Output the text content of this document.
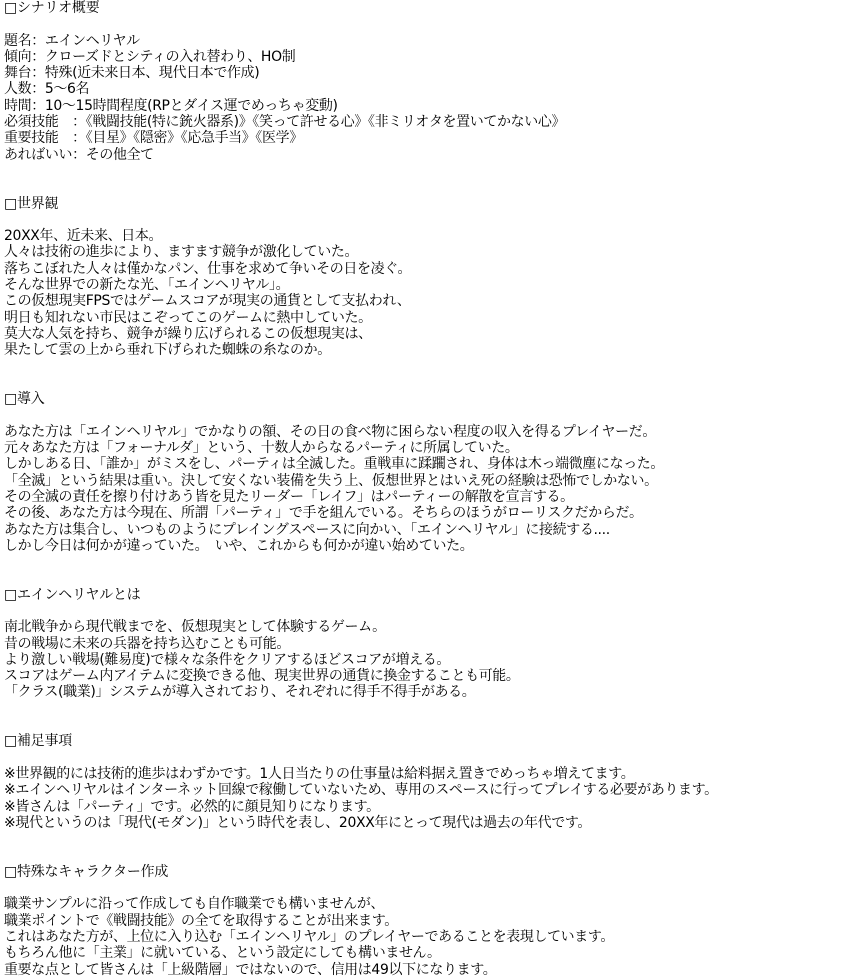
□シナリオ概要
題名：エインヘリヤル
傾向：クローズドとシティの入れ替わり、HO制
舞台：特殊(近未来日本、現代日本で作成)
人数：5～6名
時間：10～15時間程度(RPとダイス運でめっちゃ変動)
必須技能　：《戦闘技能(特に銃火器系)》《笑って許せる心》《非ミリオタを置いてかない心》
重要技能　：《目星》《隠密》《応急手当》《医学》
あればいい：その他全て
□世界観
20XX年、近未来、日本。
人々は技術の進歩により、ますます競争が激化していた。
落ちこぼれた人々は僅かなパン、仕事を求めて争いその日を凌ぐ。
そんな世界での新たな光、「エインヘリヤル」。
この仮想現実FPSではゲームスコアが現実の通貨として支払われ、
明日も知れない市民はこぞってこのゲームに熱中していた。
莫大な人気を持ち、競争が繰り広げられるこの仮想現実は、
果たして雲の上から垂れ下げられた蜘蛛の糸なのか。
□導入
あなた方は「エインヘリヤル」でかなりの額、その日の食べ物に困らない程度の収入を得るプレイヤーだ。
元々あなた方は「フォーナルダ」という、十数人からなるパーティに所属していた。
しかしある日、「誰か」がミスをし、パーティは全滅した。重戦車に蹂躙され、身体は木っ端微塵になった。
「全滅」という結果は重い。決して安くない装備を失う上、仮想世界とはいえ死の経験は恐怖でしかない。
その全滅の責任を擦り付けあう皆を見たリーダー「レイフ」はパーティーの解散を宣言する。
その後、あなた方は今現在、所謂「パーティ」で手を組んでいる。そちらのほうがローリスクだからだ。
あなた方は集合し、いつものようにプレイングスペースに向かい、「エインヘリヤル」に接続する....
しかし今日は何かが違っていた。　いや、これからも何かが違い始めていた。
□エインヘリヤルとは
南北戦争から現代戦までを、仮想現実として体験するゲーム。
昔の戦場に未来の兵器を持ち込むことも可能。
より激しい戦場(難易度)で様々な条件をクリアするほどスコアが増える。
スコアはゲーム内アイテムに変換できる他、現実世界の通貨に換金することも可能。
「クラス(職業)」システムが導入されており、それぞれに得手不得手がある。
□補足事項
※世界観的には技術的進歩はわずかです。1人日当たりの仕事量は給料据え置きでめっちゃ増えてます。
※エインヘリヤルはインターネット回線で稼働していないため、専用のスペースに行ってプレイする必要があります。
※皆さんは「パーティ」です。必然的に顔見知りになります。
※現代というのは「現代(モダン)」という時代を表し、20XX年にとって現代は過去の年代です。
□特殊なキャラクター作成
職業サンプルに沿って作成しても自作職業でも構いませんが、
職業ポイントで《戦闘技能》の全てを取得することが出来ます。
これはあなた方が、上位に入り込む「エインヘリヤル」のプレイヤーであることを表現しています。
もちろん他に「主業」に就いている、という設定にしても構いません。
重要な点として皆さんは「上級階層」ではないので、信用は49以下になります。
